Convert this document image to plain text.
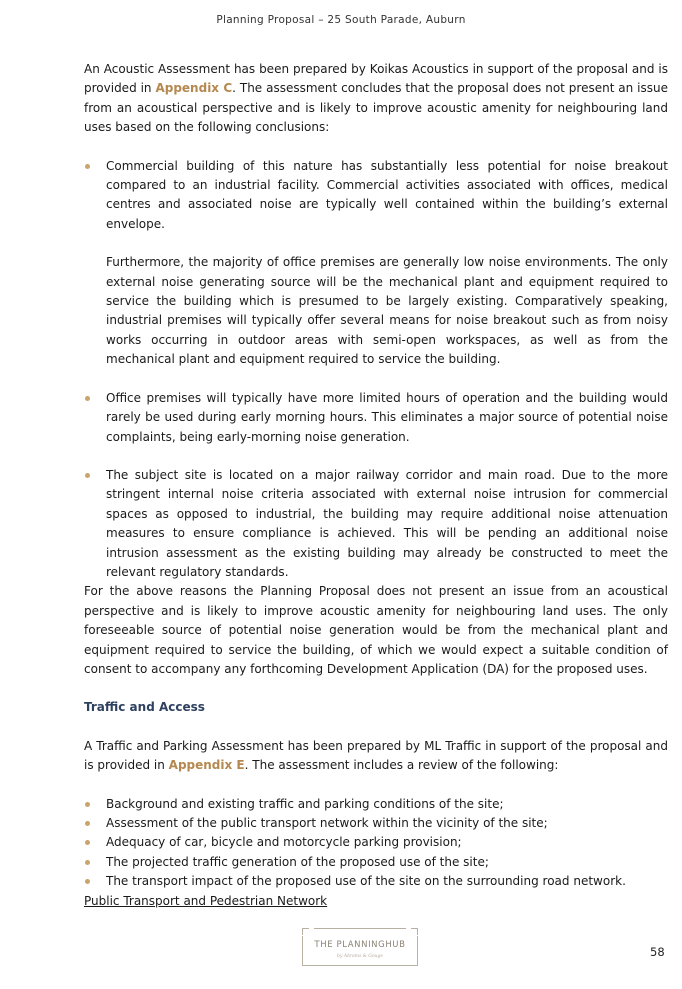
Planning Proposal – 25 South Parade, Auburn

An Acoustic Assessment has been prepared by Koikas Acoustics in support of the proposal and is provided in Appendix C. The assessment concludes that the proposal does not present an issue from an acoustical perspective and is likely to improve acoustic amenity for neighbouring land uses based on the following conclusions:

Commercial building of this nature has substantially less potential for noise breakout compared to an industrial facility. Commercial activities associated with offices, medical centres and associated noise are typically well contained within the building’s external envelope.

Furthermore, the majority of office premises are generally low noise environments. The only external noise generating source will be the mechanical plant and equipment required to service the building which is presumed to be largely existing. Comparatively speaking, industrial premises will typically offer several means for noise breakout such as from noisy works occurring in outdoor areas with semi-open workspaces, as well as from the mechanical plant and equipment required to service the building.

Office premises will typically have more limited hours of operation and the building would rarely be used during early morning hours. This eliminates a major source of potential noise complaints, being early-morning noise generation.

The subject site is located on a major railway corridor and main road. Due to the more stringent internal noise criteria associated with external noise intrusion for commercial spaces as opposed to industrial, the building may require additional noise attenuation measures to ensure compliance is achieved. This will be pending an additional noise intrusion assessment as the existing building may already be constructed to meet the relevant regulatory standards.

For the above reasons the Planning Proposal does not present an issue from an acoustical perspective and is likely to improve acoustic amenity for neighbouring land uses. The only foreseeable source of potential noise generation would be from the mechanical plant and equipment required to service the building, of which we would expect a suitable condition of consent to accompany any forthcoming Development Application (DA) for the proposed uses.

Traffic and Access

A Traffic and Parking Assessment has been prepared by ML Traffic in support of the proposal and is provided in Appendix E. The assessment includes a review of the following:

Background and existing traffic and parking conditions of the site;
Assessment of the public transport network within the vicinity of the site;
Adequacy of car, bicycle and motorcycle parking provision;
The projected traffic generation of the proposed use of the site;
The transport impact of the proposed use of the site on the surrounding road network.

Public Transport and Pedestrian Network

THE PLANNINGHUB
by Abrams & Gouge	58
